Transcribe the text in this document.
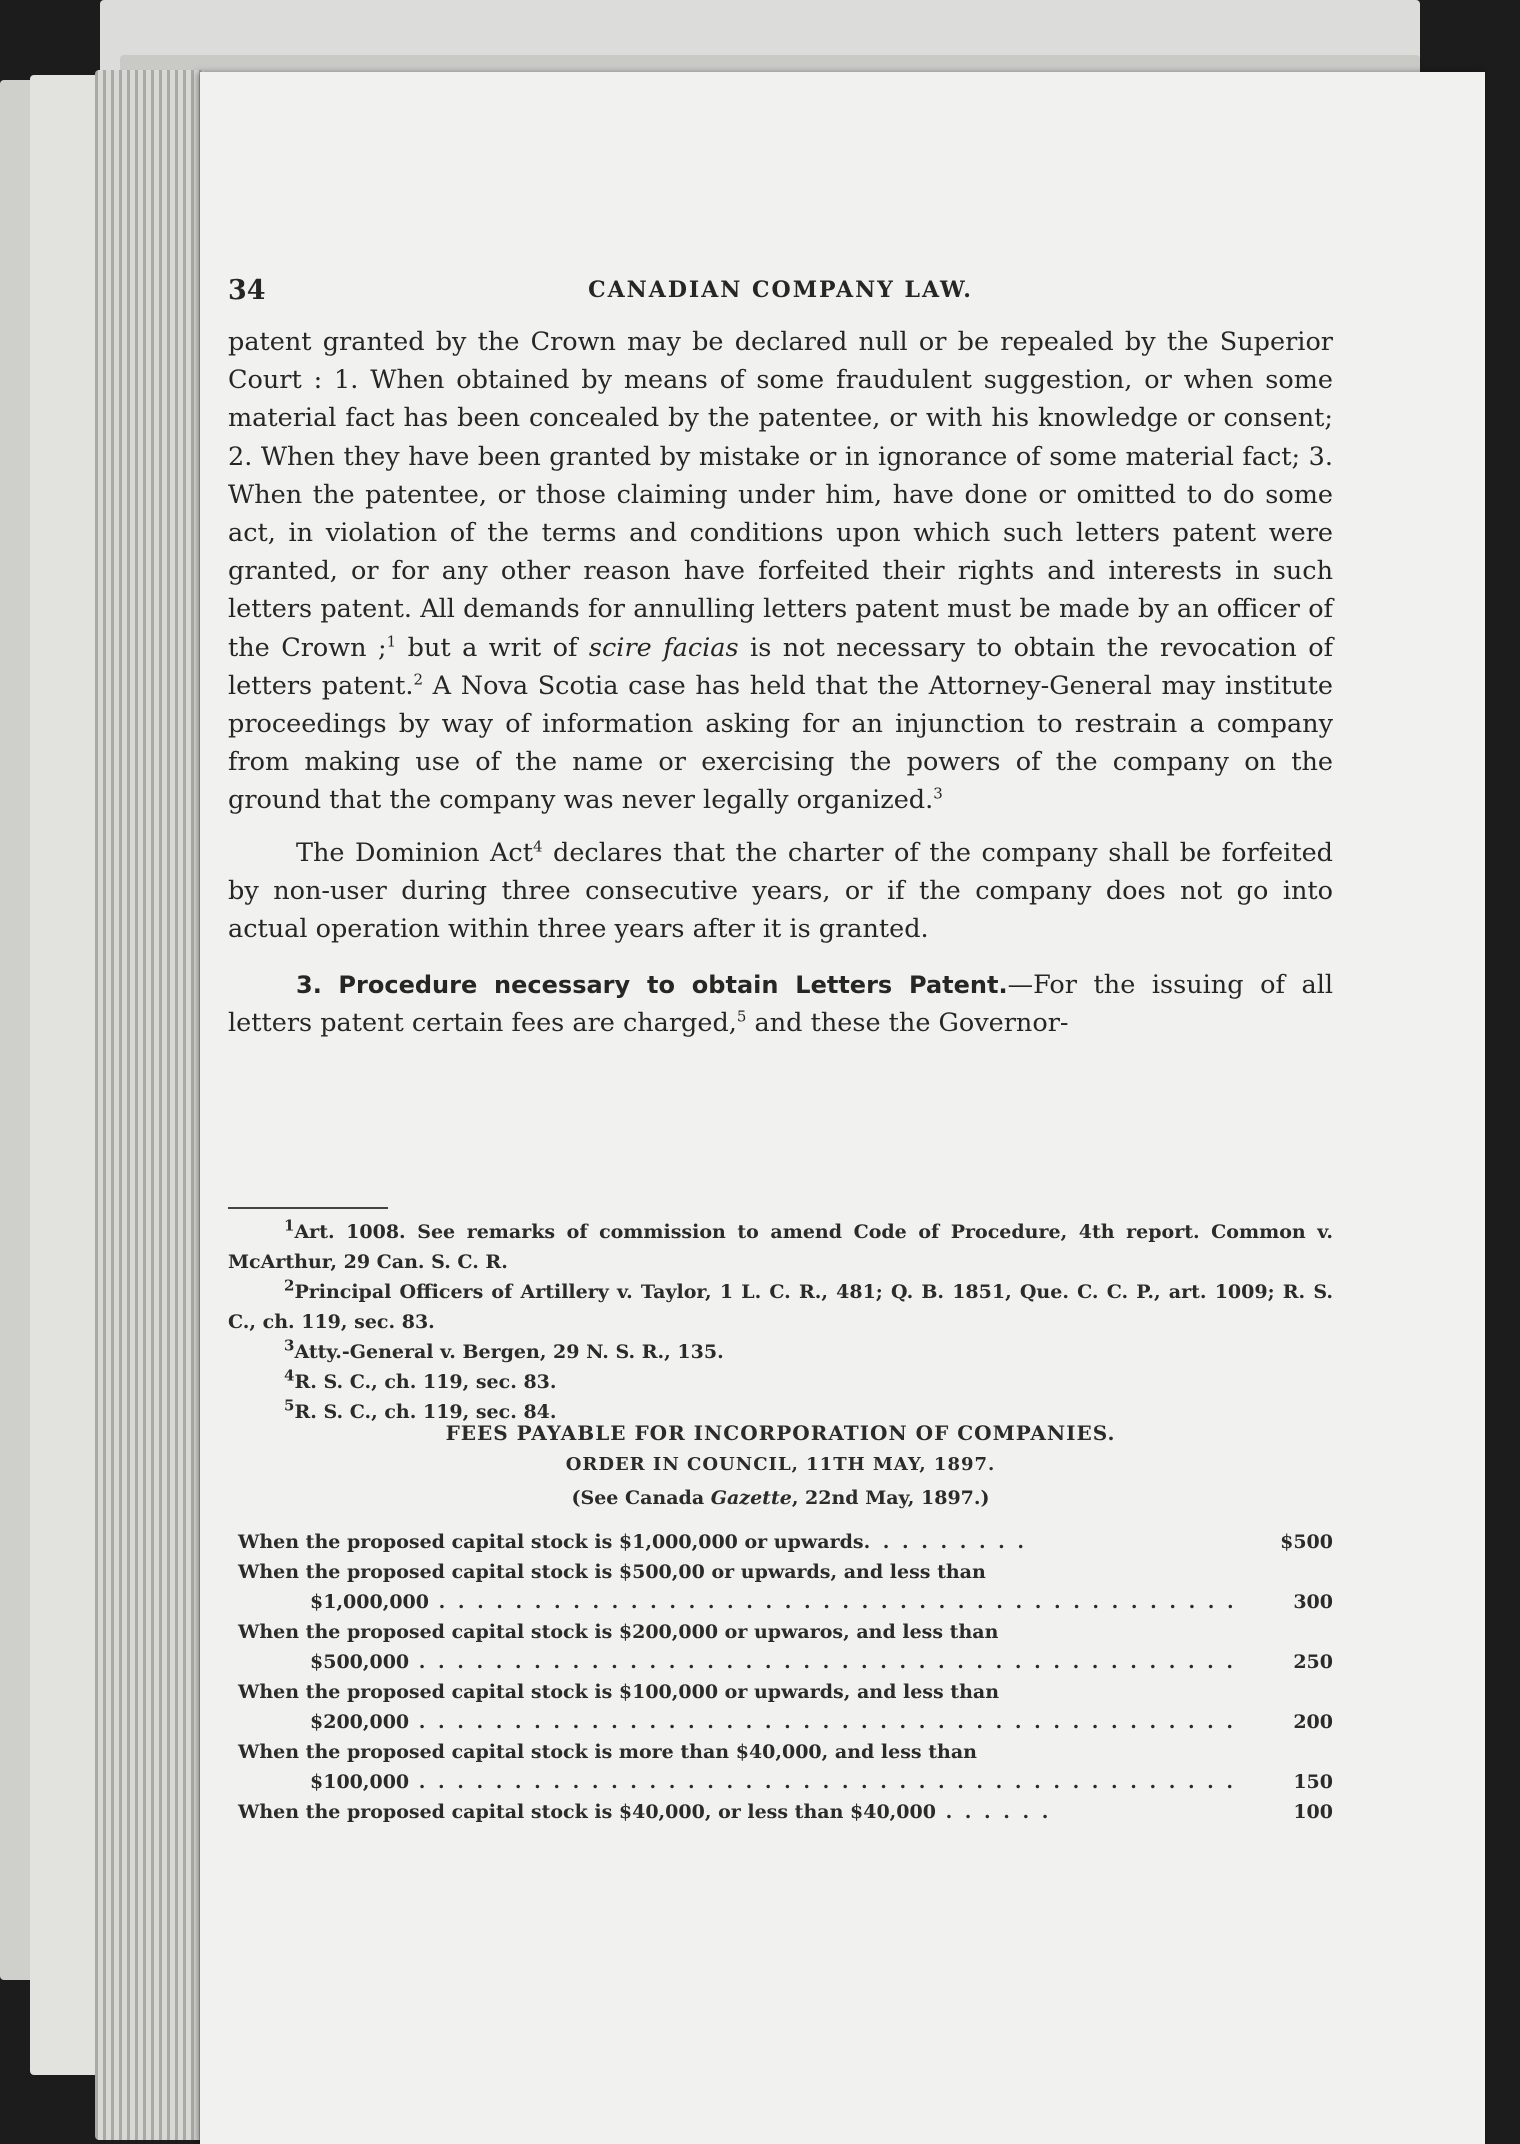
34	CANADIAN COMPANY LAW.

patent granted by the Crown may be declared null or be repealed by the Superior Court : 1. When obtained by means of some fraudulent suggestion, or when some material fact has been concealed by the patentee, or with his knowledge or consent; 2. When they have been granted by mistake or in ignorance of some material fact; 3. When the patentee, or those claiming under him, have done or omitted to do some act, in violation of the terms and conditions upon which such letters patent were granted, or for any other reason have forfeited their rights and interests in such letters patent. All demands for annulling letters patent must be made by an officer of the Crown ;$^1$ but a writ of scire facias is not necessary to obtain the revocation of letters patent.$^2$ A Nova Scotia case has held that the Attorney-General may institute proceedings by way of information asking for an injunction to restrain a company from making use of the name or exercising the powers of the company on the ground that the company was never legally organized.$^3$

The Dominion Act$^4$ declares that the charter of the company shall be forfeited by non-user during three consecutive years, or if the company does not go into actual operation within three years after it is granted.

3. Procedure necessary to obtain Letters Patent.—For the issuing of all letters patent certain fees are charged,$^5$ and these the Governor-

$^1$Art. 1008. See remarks of commission to amend Code of Procedure, 4th report. Common v. McArthur, 29 Can. S. C. R.

$^2$Principal Officers of Artillery v. Taylor, 1 L. C. R., 481; Q. B. 1851, Que. C. C. P., art. 1009; R. S. C., ch. 119, sec. 83.

$^3$Atty.-General v. Bergen, 29 N. S. R., 135.

$^4$R. S. C., ch. 119, sec. 83.

$^5$R. S. C., ch. 119, sec. 84.

FEES PAYABLE FOR INCORPORATION OF COMPANIES.
ORDER IN COUNCIL, 11TH MAY, 1897.
(See Canada Gazette, 22nd May, 1897.)
When the proposed capital stock is $1,000,000 or upwards. . . . . . . . .	$500
When the proposed capital stock is $500,00 or upwards, and less than
$1,000,000 . . . . . . . . . . . . . . . . . . . . . . . . . . . . . . . . . . . . . . . . . .	300
When the proposed capital stock is $200,000 or upwaros, and less than
$500,000 . . . . . . . . . . . . . . . . . . . . . . . . . . . . . . . . . . . . . . . . . . .	250
When the proposed capital stock is $100,000 or upwards, and less than
$200,000 . . . . . . . . . . . . . . . . . . . . . . . . . . . . . . . . . . . . . . . . . . .	200
When the proposed capital stock is more than $40,000, and less than
$100,000 . . . . . . . . . . . . . . . . . . . . . . . . . . . . . . . . . . . . . . . . . . .	150
When the proposed capital stock is $40,000, or less than $40,000 . . . . . .	100
